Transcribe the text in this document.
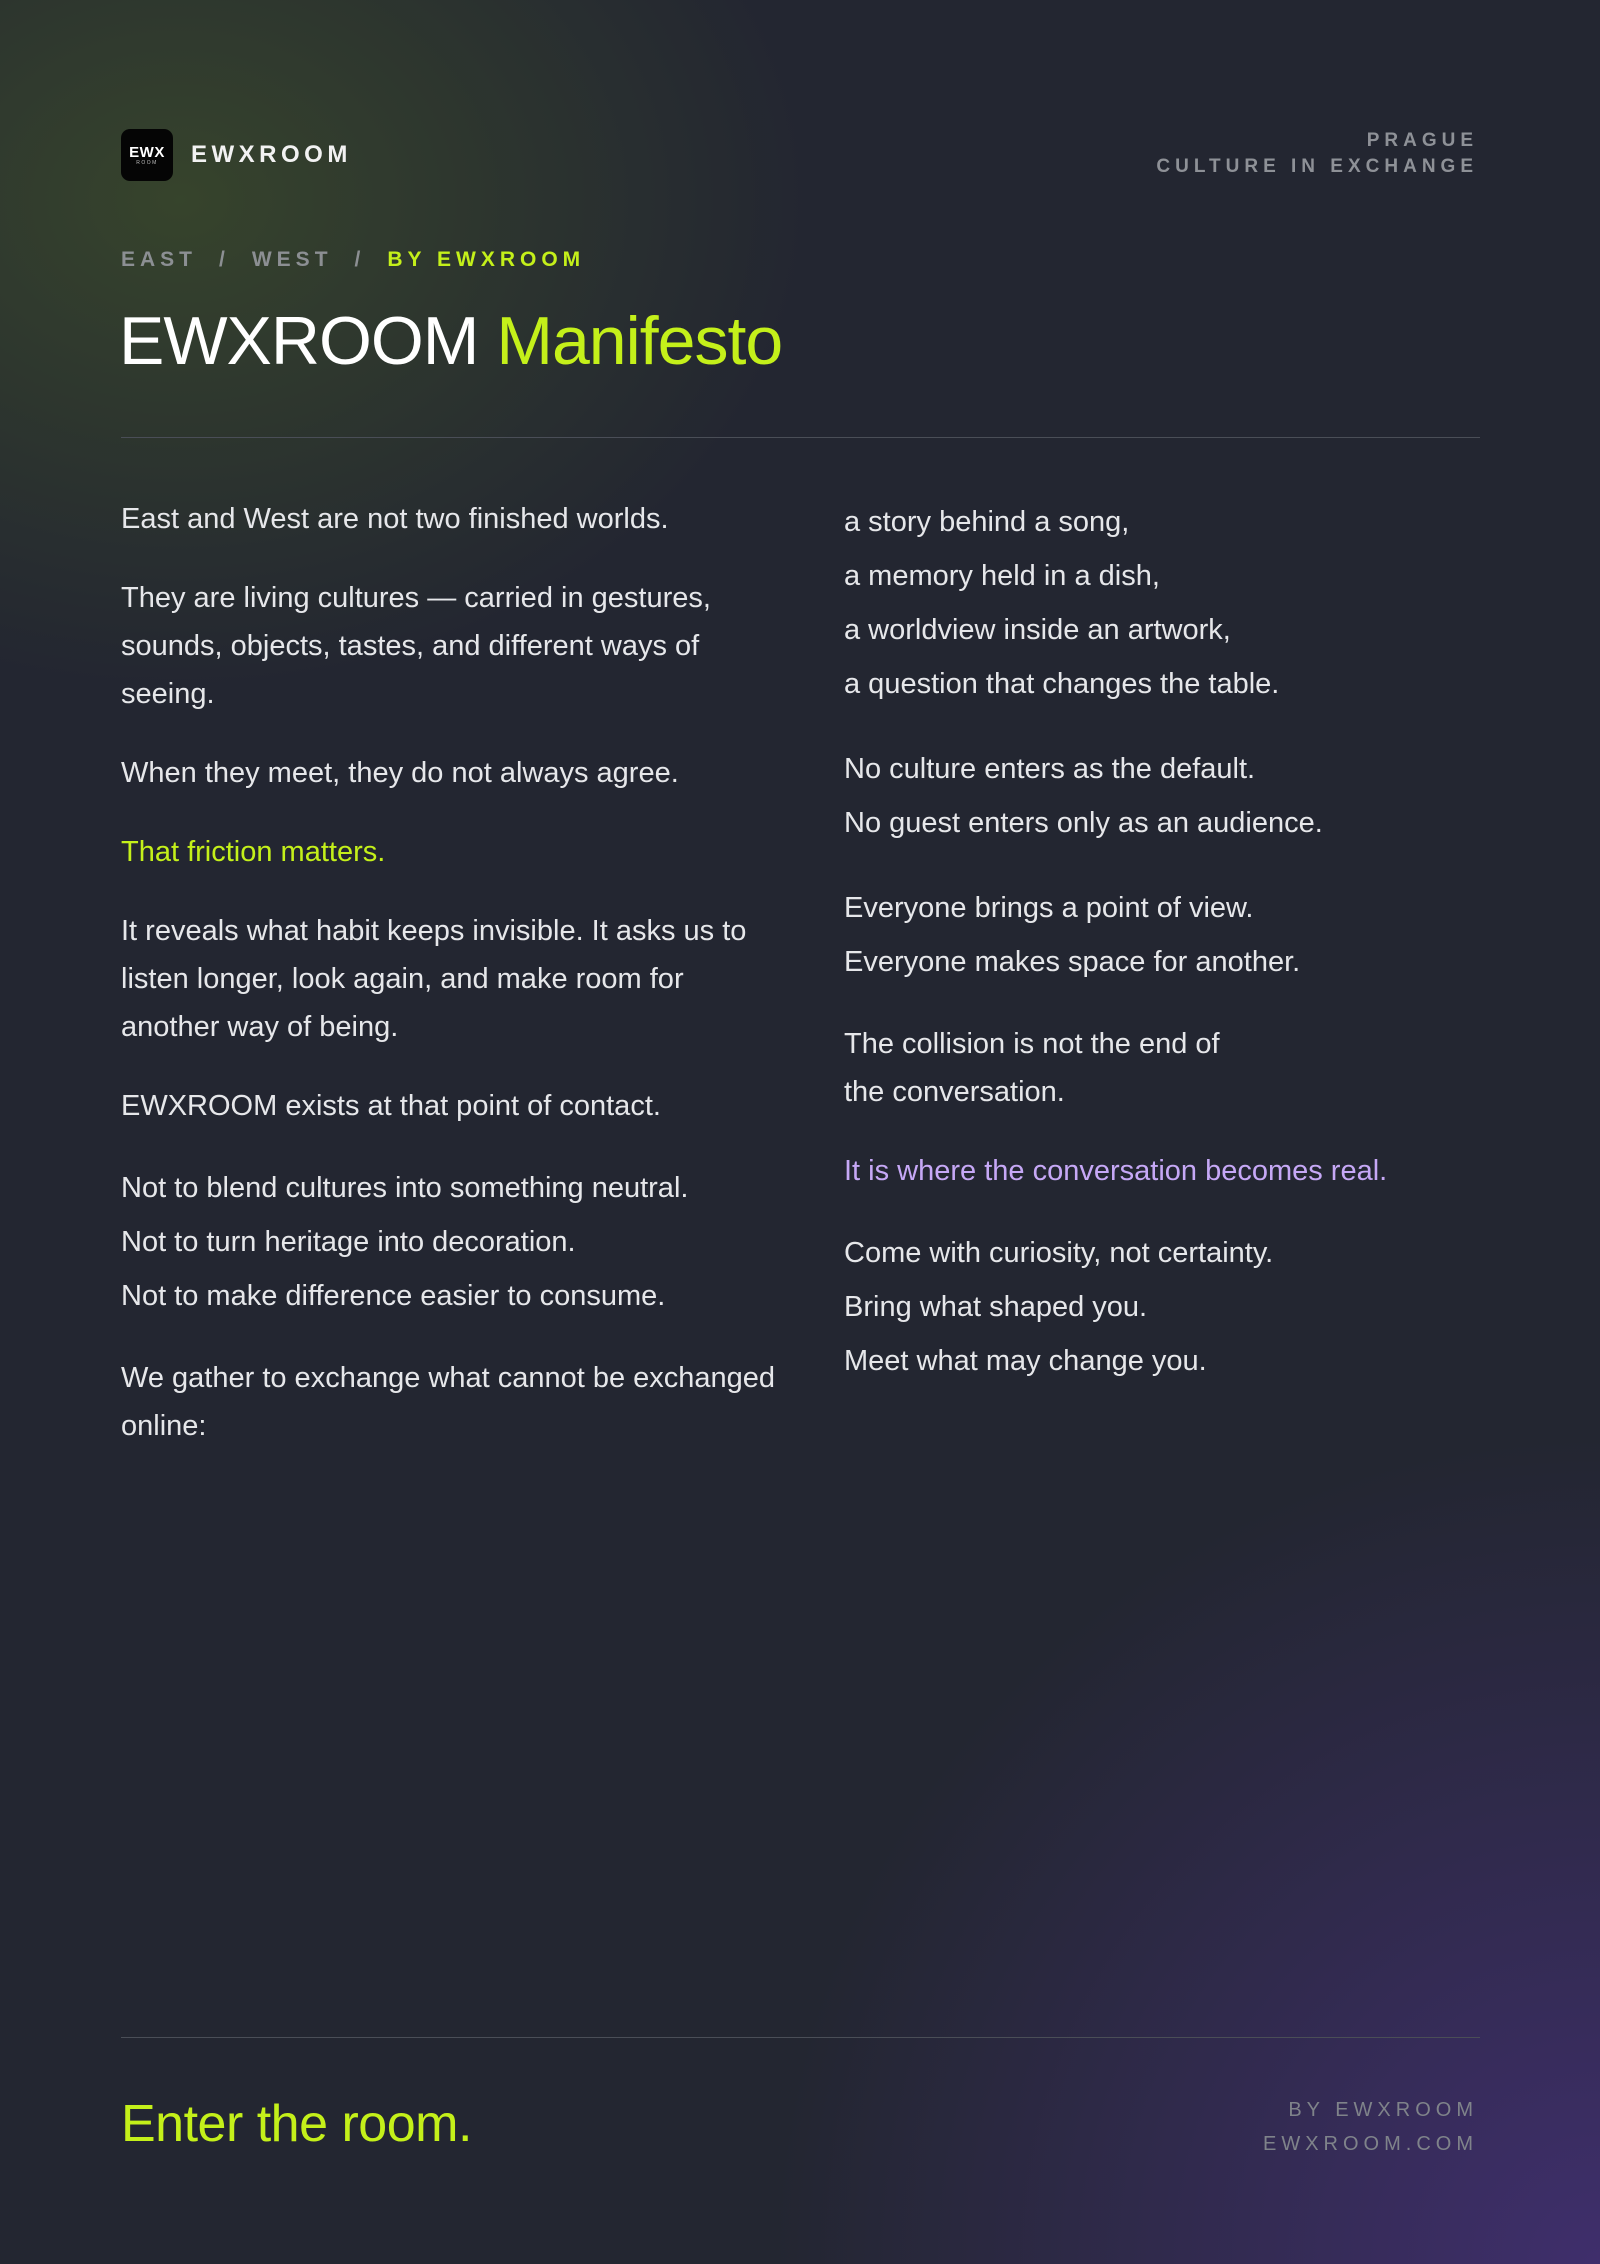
EWX
ROOM EWXROOM
PRAGUE
CULTURE IN EXCHANGE
EAST / WEST / BY EWXROOM
EWXROOM Manifesto

East and West are not two finished worlds.

They are living cultures — carried in gestures, sounds, objects, tastes, and different ways of seeing.

When they meet, they do not always agree.

That friction matters.

It reveals what habit keeps invisible. It asks us to listen longer, look again, and make room for another way of being.

EWXROOM exists at that point of contact.

Not to blend cultures into something neutral.
Not to turn heritage into decoration.
Not to make difference easier to consume.

We gather to exchange what cannot be exchanged online:

a story behind a song,
a memory held in a dish,
a worldview inside an artwork,
a question that changes the table.

No culture enters as the default.
No guest enters only as an audience.

Everyone brings a point of view.
Everyone makes space for another.

The collision is not the end of
the conversation.

It is where the conversation becomes real.

Come with curiosity, not certainty.
Bring what shaped you.
Meet what may change you.

Enter the room.	BY EWXROOM
EWXROOM.COM
